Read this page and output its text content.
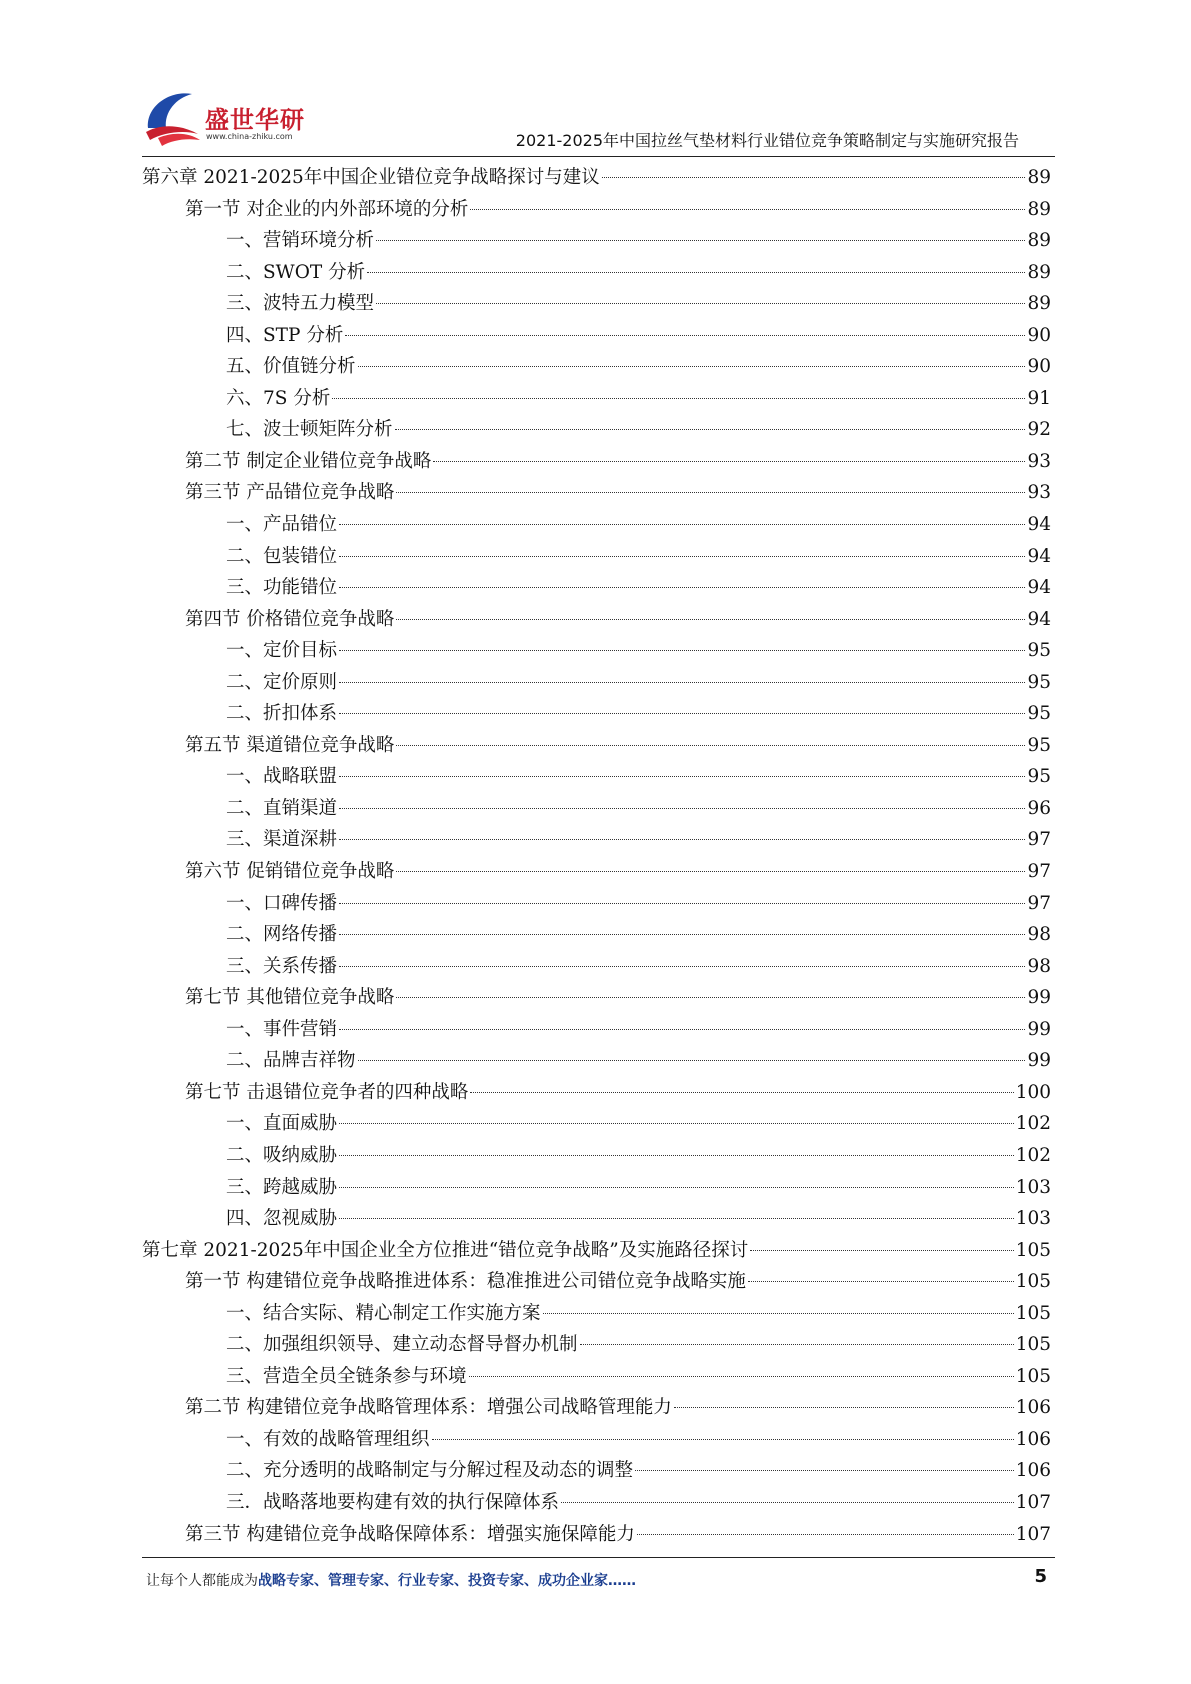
盛世华研
www.china-zhiku.com	2021-2025年中国拉丝气垫材料行业错位竞争策略制定与实施研究报告
第六章 2021-2025年中国企业错位竞争战略探讨与建议	89
第一节 对企业的内外部环境的分析	89
一、营销环境分析	89
二、SWOT 分析	89
三、波特五力模型	89
四、STP 分析	90
五、价值链分析	90
六、7S 分析	91
七、波士顿矩阵分析	92
第二节 制定企业错位竞争战略	93
第三节 产品错位竞争战略	93
一、产品错位	94
二、包装错位	94
三、功能错位	94
第四节 价格错位竞争战略	94
一、定价目标	95
二、定价原则	95
二、折扣体系	95
第五节 渠道错位竞争战略	95
一、战略联盟	95
二、直销渠道	96
三、渠道深耕	97
第六节 促销错位竞争战略	97
一、口碑传播	97
二、网络传播	98
三、关系传播	98
第七节 其他错位竞争战略	99
一、事件营销	99
二、品牌吉祥物	99
第七节 击退错位竞争者的四种战略	100
一、直面威胁	102
二、吸纳威胁	102
三、跨越威胁	103
四、忽视威胁	103
第七章 2021-2025年中国企业全方位推进“错位竞争战略”及实施路径探讨	105
第一节 构建错位竞争战略推进体系：稳准推进公司错位竞争战略实施	105
一、结合实际、精心制定工作实施方案	105
二、加强组织领导、建立动态督导督办机制	105
三、营造全员全链条参与环境	105
第二节 构建错位竞争战略管理体系：增强公司战略管理能力	106
一、有效的战略管理组织	106
二、充分透明的战略制定与分解过程及动态的调整	106
三．战略落地要构建有效的执行保障体系	107
第三节 构建错位竞争战略保障体系：增强实施保障能力	107
让每个人都能成为战略专家、管理专家、行业专家、投资专家、成功企业家……	5
